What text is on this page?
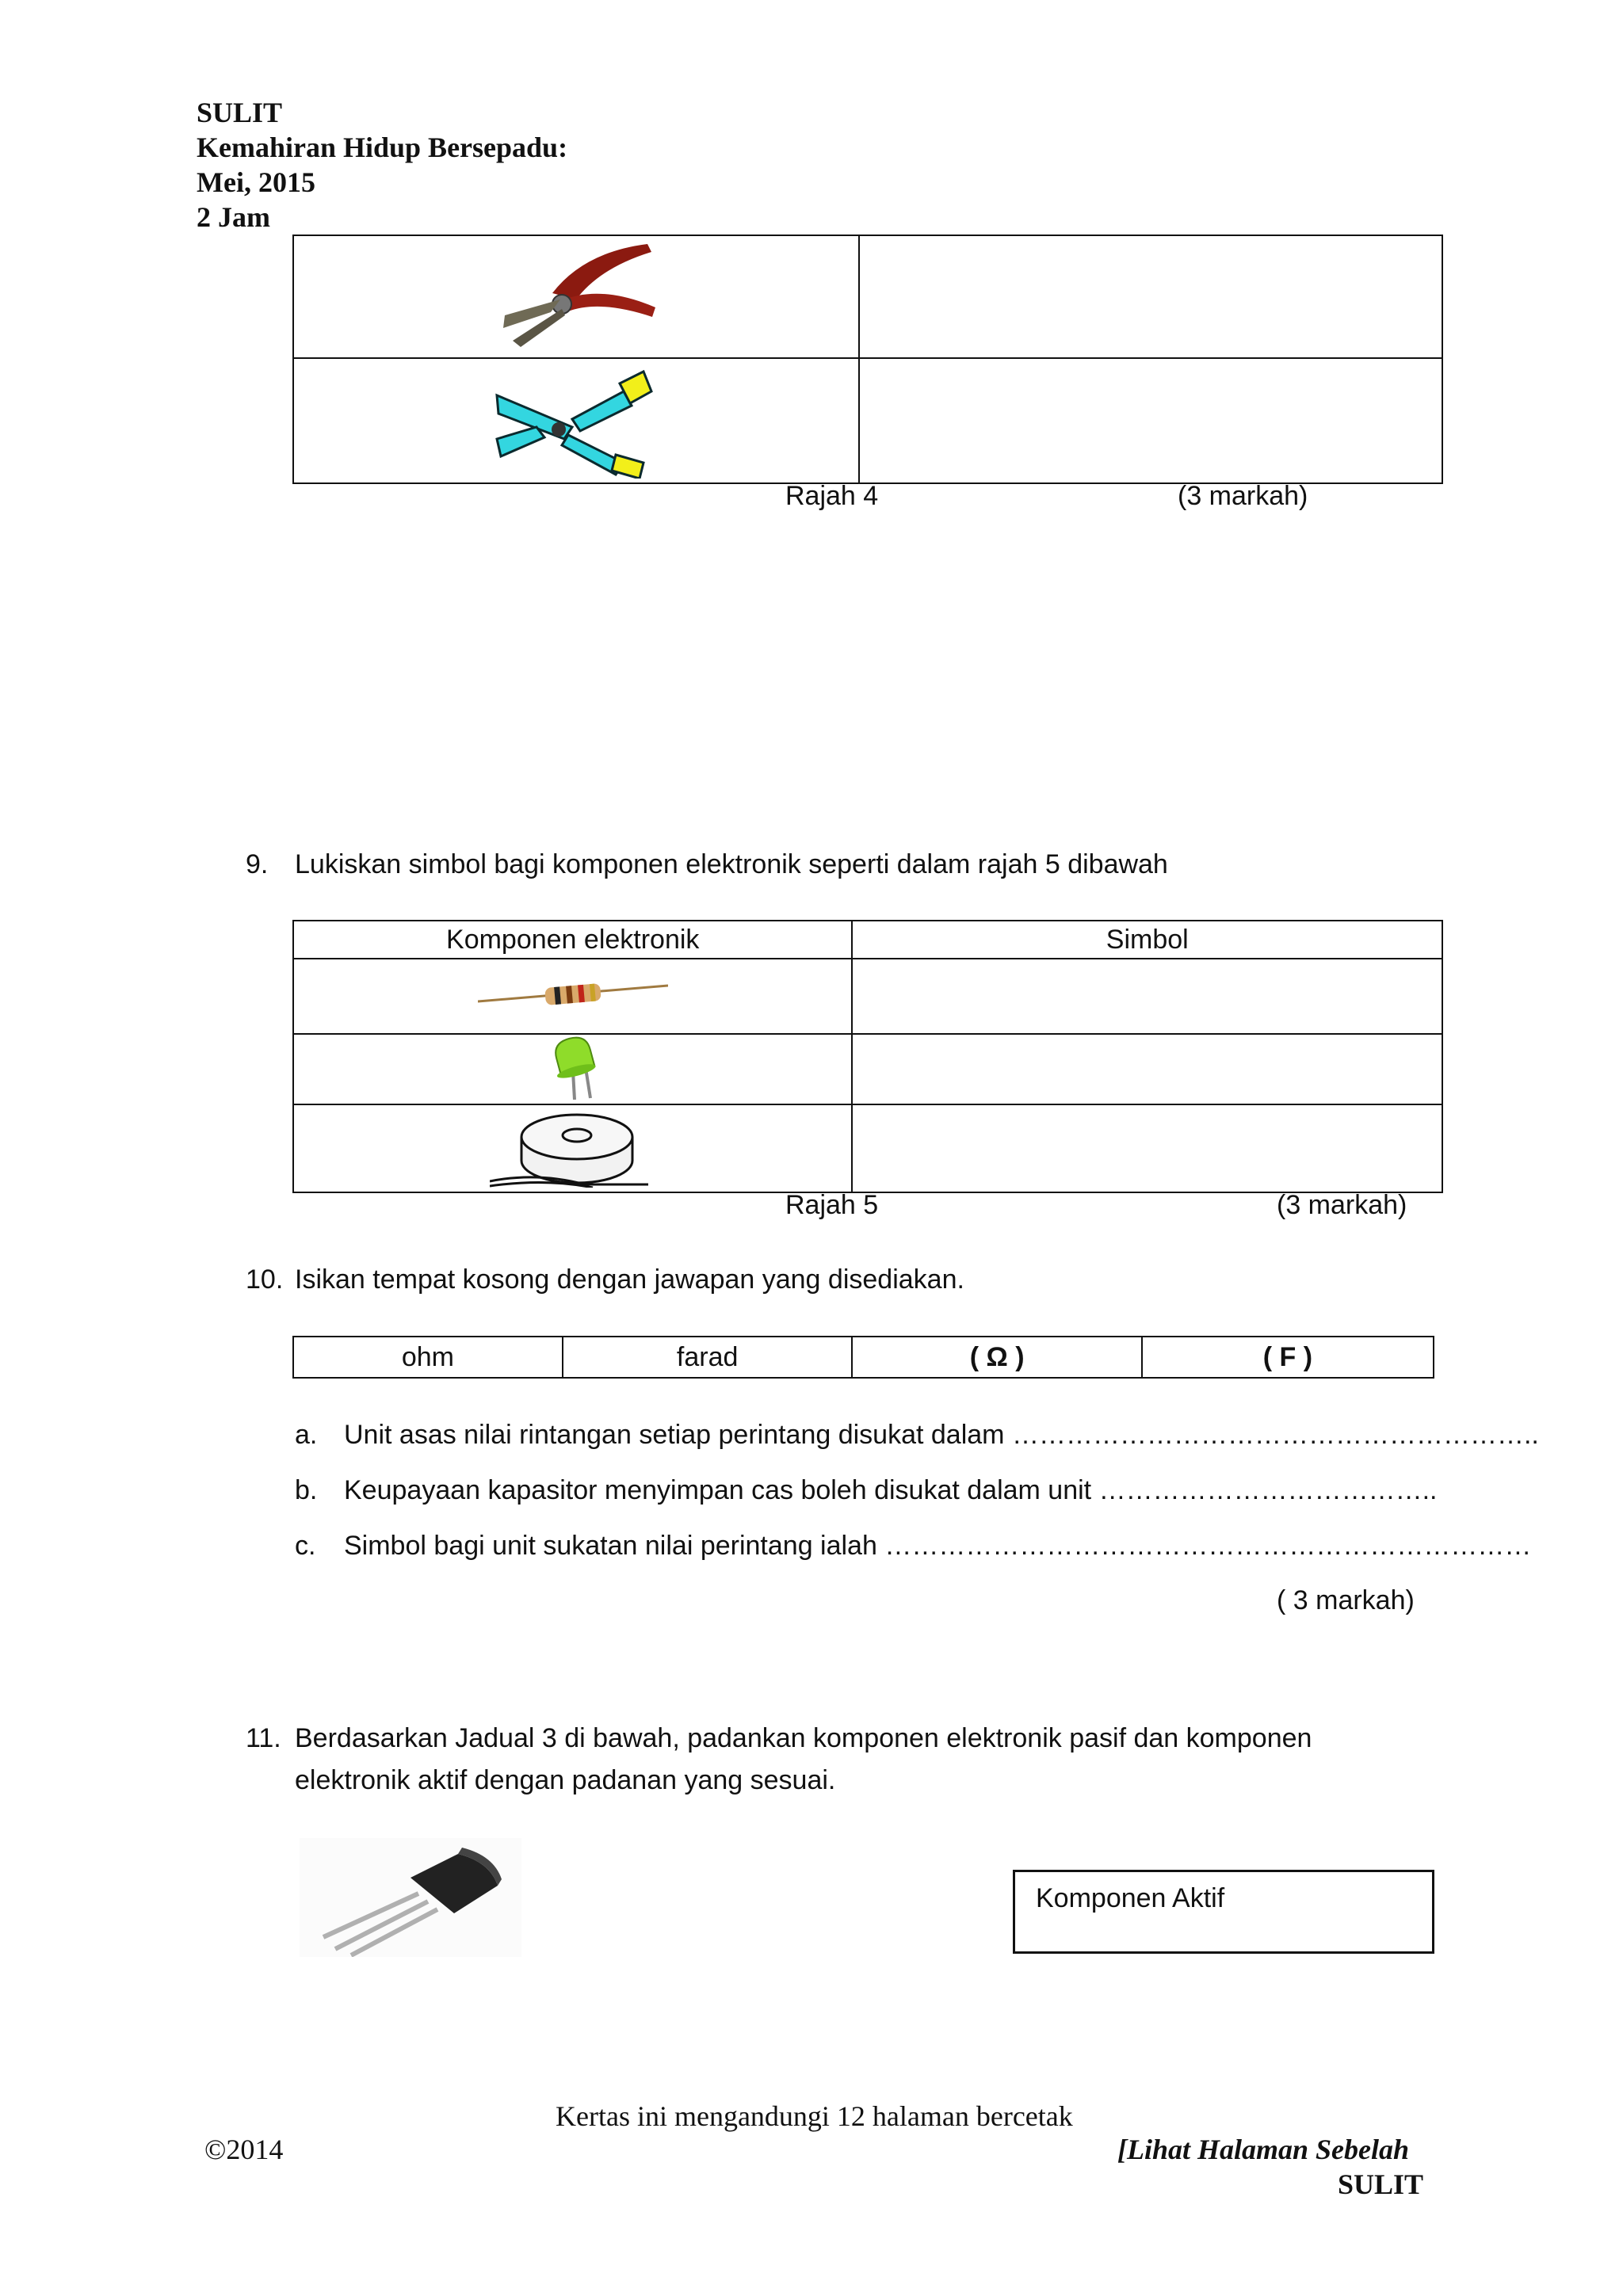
SULIT
Kemahiran Hidup Bersepadu:
Mei, 2015
2 Jam

Rajah 4	(3 markah)
9. Lukiskan simbol bagi komponen elektronik seperti dalam rajah 5 dibawah
Komponen elektronik	Simbol

Rajah 5	(3 markah)
10. Isikan tempat kosong dengan jawapan yang disediakan.
ohm	farad	( Ω )	( F )
a. Unit asas nilai rintangan setiap perintang disukat dalam …………………………………………………..
b. Keupayaan kapasitor menyimpan cas boleh disukat dalam unit ………………………………..
c. Simbol bagi unit sukatan nilai perintang ialah ………………………………………………………………
( 3 markah)
11. Berdasarkan Jadual 3 di bawah, padankan komponen elektronik pasif dan komponen
elektronik aktif dengan padanan yang sesuai.
Komponen Aktif
Kertas ini mengandungi 12 halaman bercetak
©2014	[Lihat Halaman Sebelah
SULIT
